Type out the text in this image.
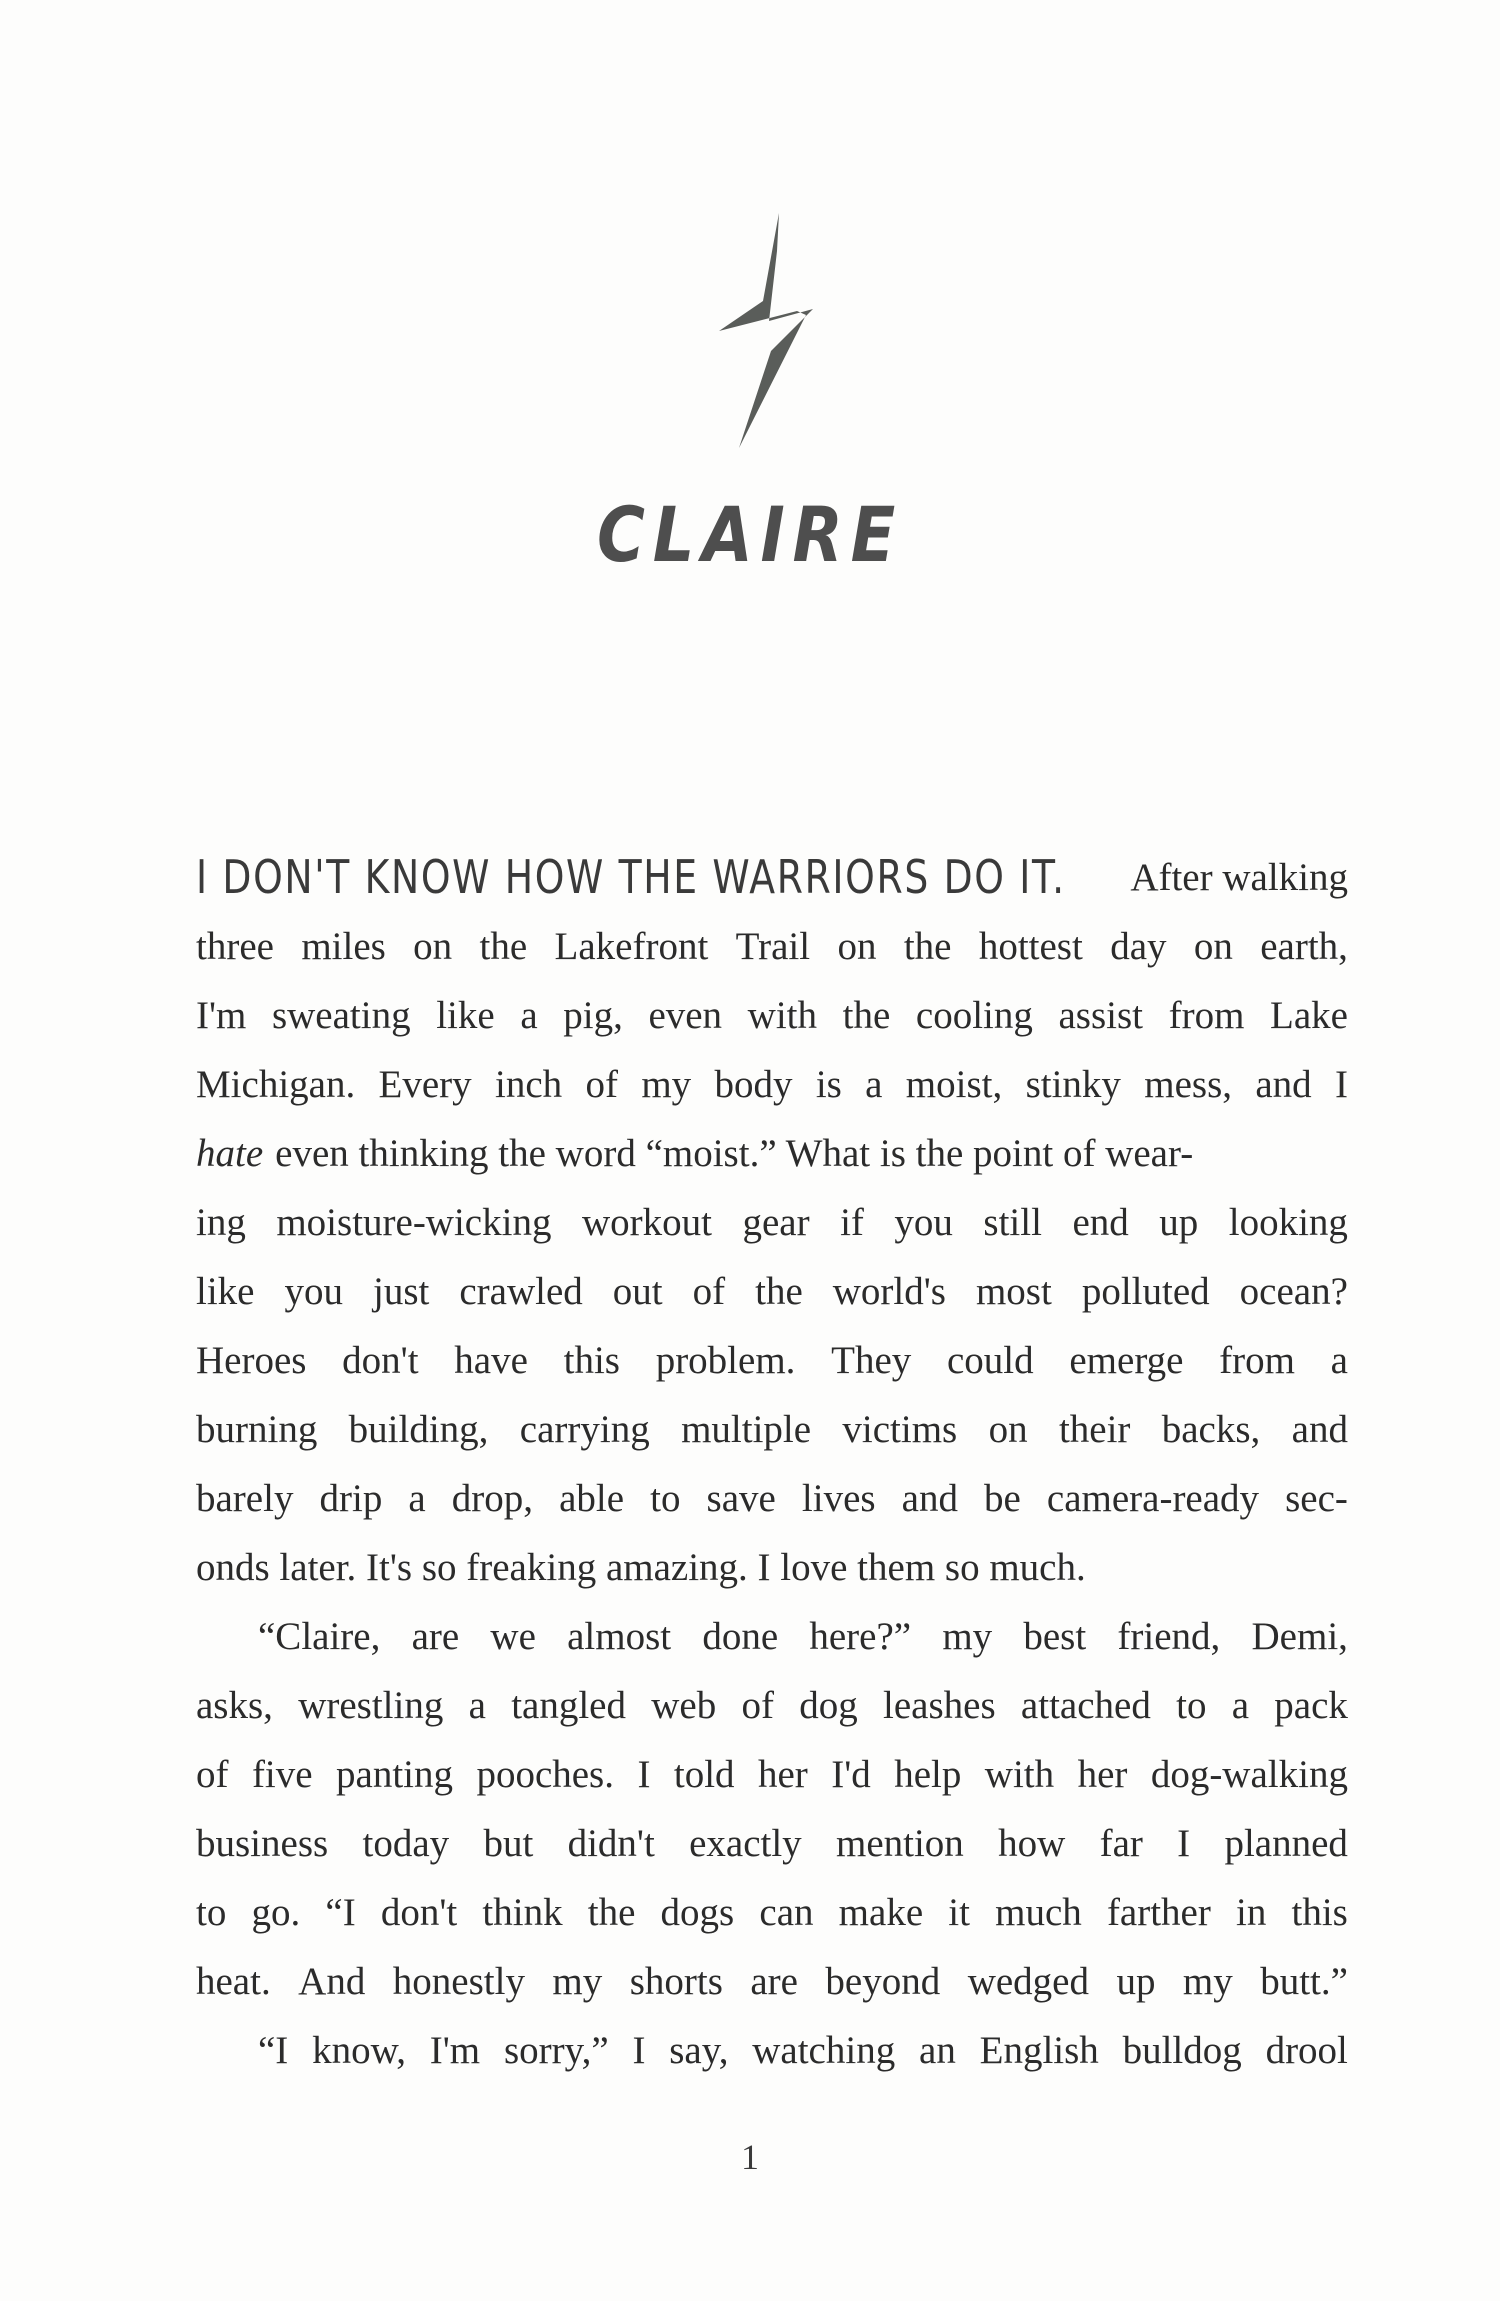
CLAIRE
I DON'T KNOW HOW THE WARRIORS DO IT. After walking
three miles on the Lakefront Trail on the hottest day on earth,
I'm sweating like a pig, even with the cooling assist from Lake
Michigan. Every inch of my body is a moist, stinky mess, and I
hate even thinking the word “moist.” What is the point of wear-
ing moisture-wicking workout gear if you still end up looking
like you just crawled out of the world's most polluted ocean?
Heroes don't have this problem. They could emerge from a
burning building, carrying multiple victims on their backs, and
barely drip a drop, able to save lives and be camera-ready sec-
onds later. It's so freaking amazing. I love them so much.
“Claire, are we almost done here?” my best friend, Demi,
asks, wrestling a tangled web of dog leashes attached to a pack
of five panting pooches. I told her I'd help with her dog-walking
business today but didn't exactly mention how far I planned
to go. “I don't think the dogs can make it much farther in this
heat. And honestly my shorts are beyond wedged up my butt.”
“I know, I'm sorry,” I say, watching an English bulldog drool
1
